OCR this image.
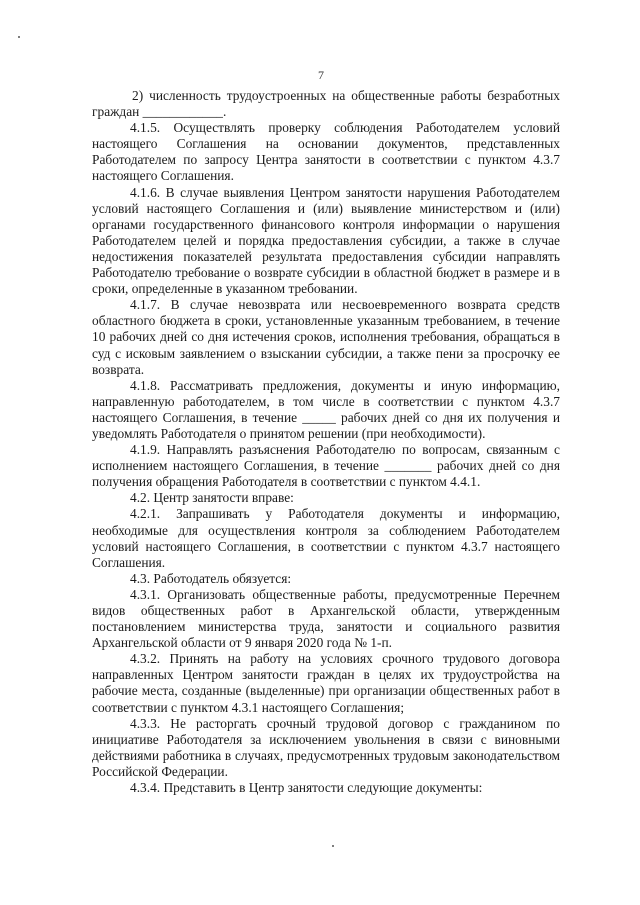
7

2) численность трудоустроенных на общественные работы безработных граждан ____________.

4.1.5. Осуществлять проверку соблюдения Работодателем условий настоящего Соглашения на основании документов, представленных Работодателем по запросу Центра занятости в соответствии с пунктом 4.3.7 настоящего Соглашения.

4.1.6. В случае выявления Центром занятости нарушения Работодателем условий настоящего Соглашения и (или) выявление министерством и (или) органами государственного финансового контроля информации о нарушения Работодателем целей и порядка предоставления субсидии, а также в случае недостижения показателей результата предоставления субсидии направлять Работодателю требование о возврате субсидии в областной бюджет в размере и в сроки, определенные в указанном требовании.

4.1.7. В случае невозврата или несвоевременного возврата средств областного бюджета в сроки, установленные указанным требованием, в течение 10 рабочих дней со дня истечения сроков, исполнения требования, обращаться в суд с исковым заявлением о взыскании субсидии, а также пени за просрочку ее возврата.

4.1.8. Рассматривать предложения, документы и иную информацию, направленную работодателем, в том числе в соответствии с пунктом 4.3.7 настоящего Соглашения, в течение _____ рабочих дней со дня их получения и уведомлять Работодателя о принятом решении (при необходимости).

4.1.9. Направлять разъяснения Работодателю по вопросам, связанным с исполнением настоящего Соглашения, в течение _______ рабочих дней со дня получения обращения Работодателя в соответствии с пунктом 4.4.1.

4.2. Центр занятости вправе:

4.2.1. Запрашивать у Работодателя документы и информацию, необходимые для осуществления контроля за соблюдением Работодателем условий настоящего Соглашения, в соответствии с пунктом 4.3.7 настоящего Соглашения.

4.3. Работодатель обязуется:

4.3.1. Организовать общественные работы, предусмотренные Перечнем видов общественных работ в Архангельской области, утвержденным постановлением министерства труда, занятости и социального развития Архангельской области от 9 января 2020 года № 1-п.

4.3.2. Принять на работу на условиях срочного трудового договора направленных Центром занятости граждан в целях их трудоустройства на рабочие места, созданные (выделенные) при организации общественных работ в соответствии с пунктом 4.3.1 настоящего Соглашения;

4.3.3. Не расторгать срочный трудовой договор с гражданином по инициативе Работодателя за исключением увольнения в связи с виновными действиями работника в случаях, предусмотренных трудовым законодательством Российской Федерации.

4.3.4. Представить в Центр занятости следующие документы:
